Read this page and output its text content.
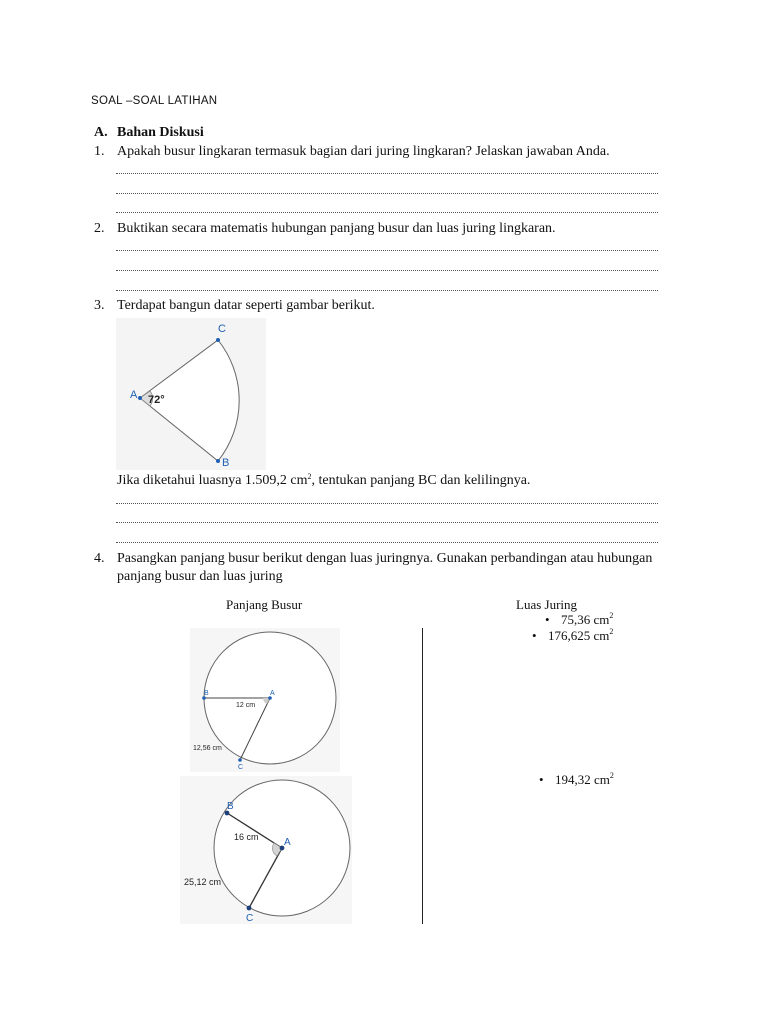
SOAL –SOAL LATIHAN
A. Bahan Diskusi
1. Apakah busur lingkaran termasuk bagian dari juring lingkaran? Jelaskan jawaban Anda.
2. Buktikan secara matematis hubungan panjang busur dan luas juring lingkaran.
3. Terdapat bangun datar seperti gambar berikut.
A
C
B
72°
Jika diketahui luasnya 1.509,2 $cm^2$, tentukan panjang BC dan kelilingnya.
4. Pasangkan panjang busur berikut dengan luas juringnya. Gunakan perbandingan atau hubungan
panjang busur dan luas juring
Panjang Busur	Luas Juring
A
B
C
12 cm
12,56 cm
A
B
C
16 cm
25,12 cm
• 75,36 $cm^2$
• 176,625 $cm^2$
• 194,32 $cm^2$
